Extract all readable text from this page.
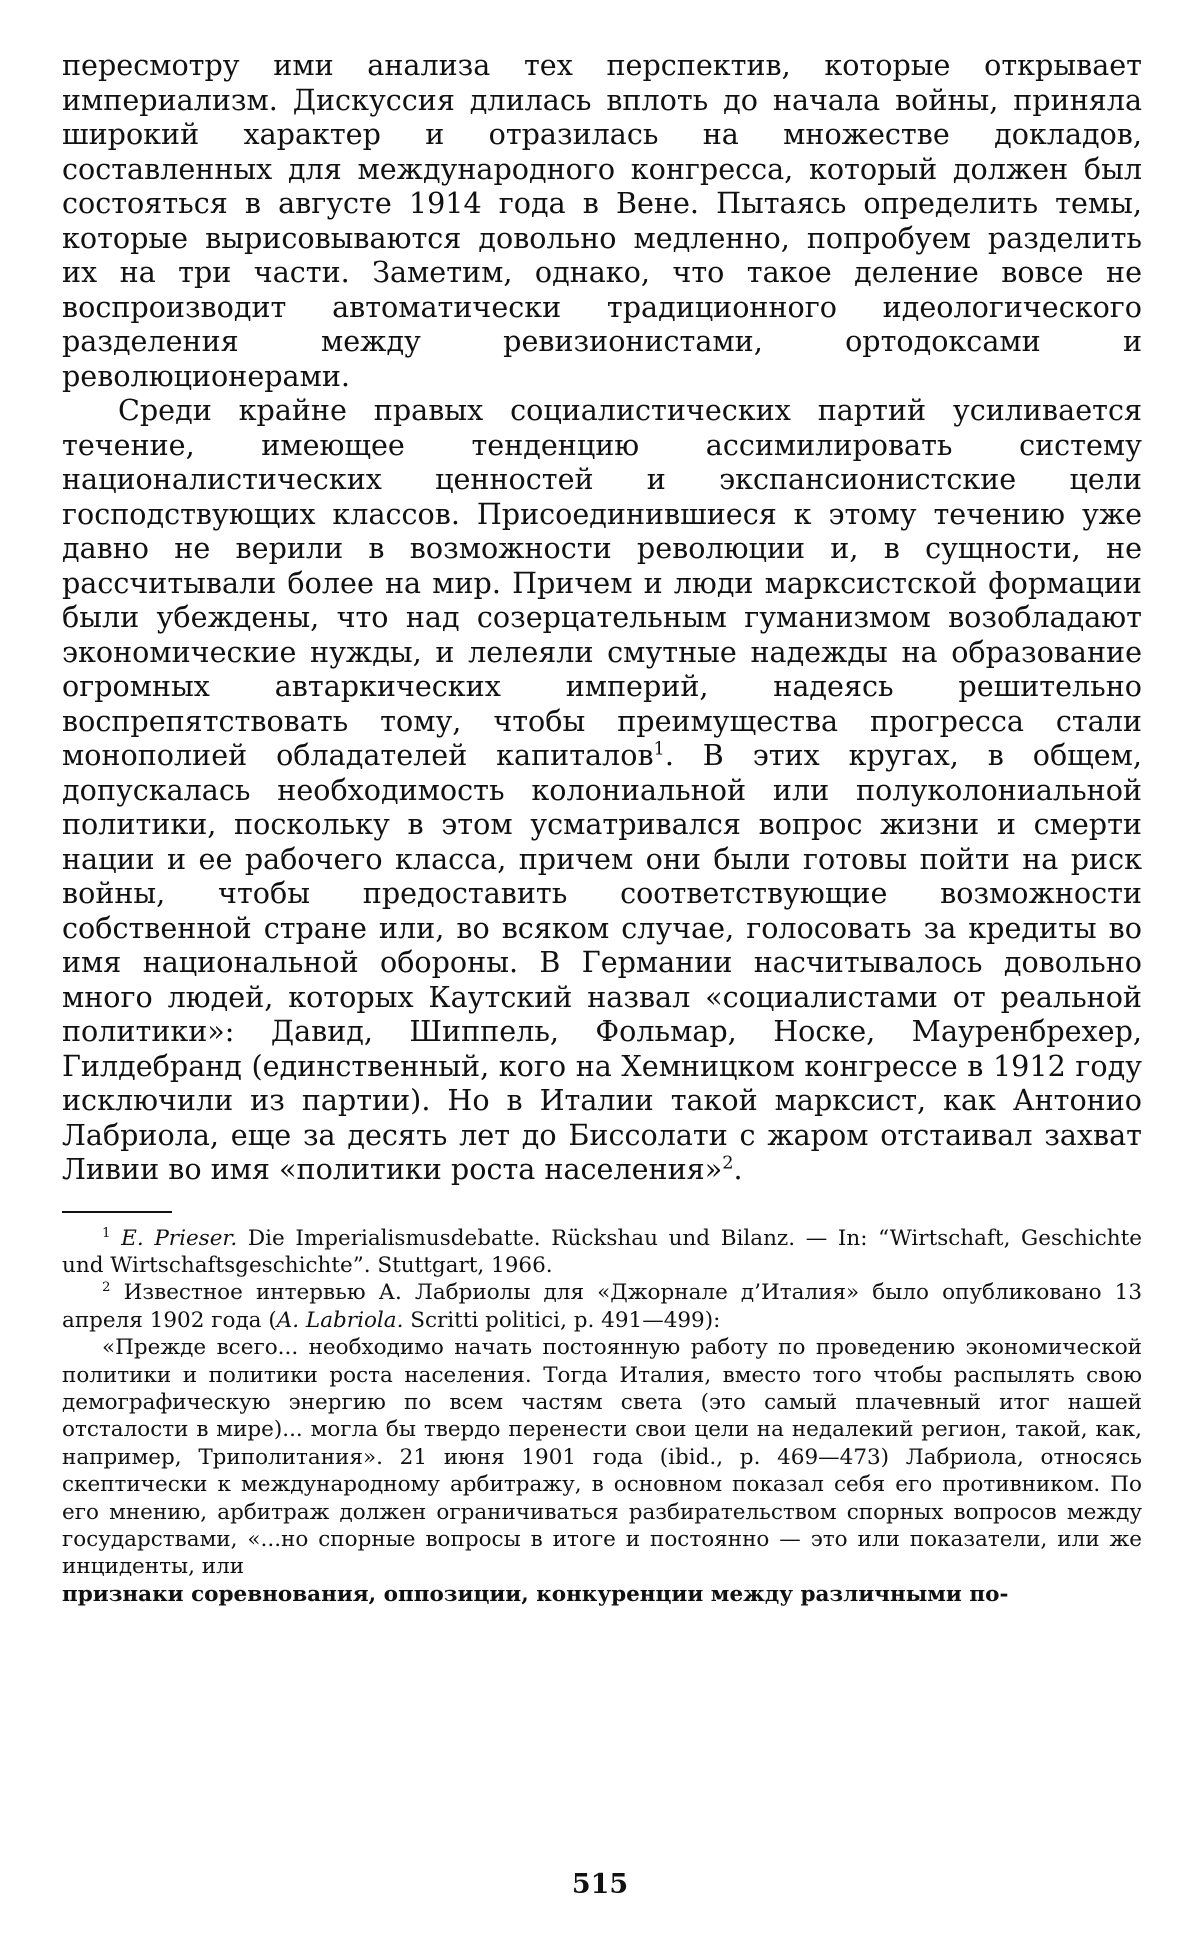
пересмотру ими анализа тех перспектив, которые открывает империализм. Дискуссия длилась вплоть до начала войны, приняла широкий характер и отразилась на множестве докладов, составленных для международного конгресса, который должен был состояться в августе 1914 года в Вене. Пытаясь определить темы, которые вырисовываются довольно медленно, попробуем разделить их на три части. Заметим, однако, что такое деление вовсе не воспроизводит автоматически традиционного идеологического разделения между ревизионистами, ортодоксами и революционерами.

Среди крайне правых социалистических партий усиливается течение, имеющее тенденцию ассимилировать систему националистических ценностей и экспансионистские цели господствующих классов. Присоединившиеся к этому течению уже давно не верили в возможности революции и, в сущности, не рассчитывали более на мир. Причем и люди марксистской формации были убеждены, что над созерцательным гуманизмом возобладают экономические нужды, и лелеяли смутные надежды на образование огромных автаркических империй, надеясь решительно воспрепятствовать тому, чтобы преимущества прогресса стали монополией обладателей капиталов$^1$. В этих кругах, в общем, допускалась необходимость колониальной или полуколониальной политики, поскольку в этом усматривался вопрос жизни и смерти нации и ее рабочего класса, причем они были готовы пойти на риск войны, чтобы предоставить соответствующие возможности собственной стране или, во всяком случае, голосовать за кредиты во имя национальной обороны. В Германии насчитывалось довольно много людей, которых Каутский назвал «социалистами от реальной политики»: Давид, Шиппель, Фольмар, Носке, Мауренбрехер, Гилдебранд (единственный, кого на Хемницком конгрессе в 1912 году исключили из партии). Но в Италии такой марксист, как Антонио Лабриола, еще за десять лет до Биссолати с жаром отстаивал захват Ливии во имя «политики роста населения»$^2$.

$^1$ E. Prieser. Die Imperialismusdebatte. Rückshau und Bilanz. — In: “Wirtschaft, Geschichte und Wirtschaftsgeschichte”. Stuttgart, 1966.

$^2$ Известное интервью А. Лабриолы для «Джорнале д’Италия» было опубликовано 13 апреля 1902 года (A. Labriola. Scritti politici, p. 491—499):

«Прежде всего... необходимо начать постоянную работу по проведению экономической политики и политики роста населения. Тогда Италия, вместо того чтобы распылять свою демографическую энергию по всем частям света (это самый плачевный итог нашей отсталости в мире)... могла бы твердо перенести свои цели на недалекий регион, такой, как, например, Триполитания». 21 июня 1901 года (ibid., p. 469—473) Лабриола, относясь скептически к международному арбитражу, в основном показал себя его противником. По его мнению, арбитраж должен ограничиваться разбирательством спорных вопросов между государствами, «...но спорные вопросы в итоге и постоянно — это или показатели, или же инциденты, или

признаки соревнования, оппозиции, конкуренции между различными по-

515
